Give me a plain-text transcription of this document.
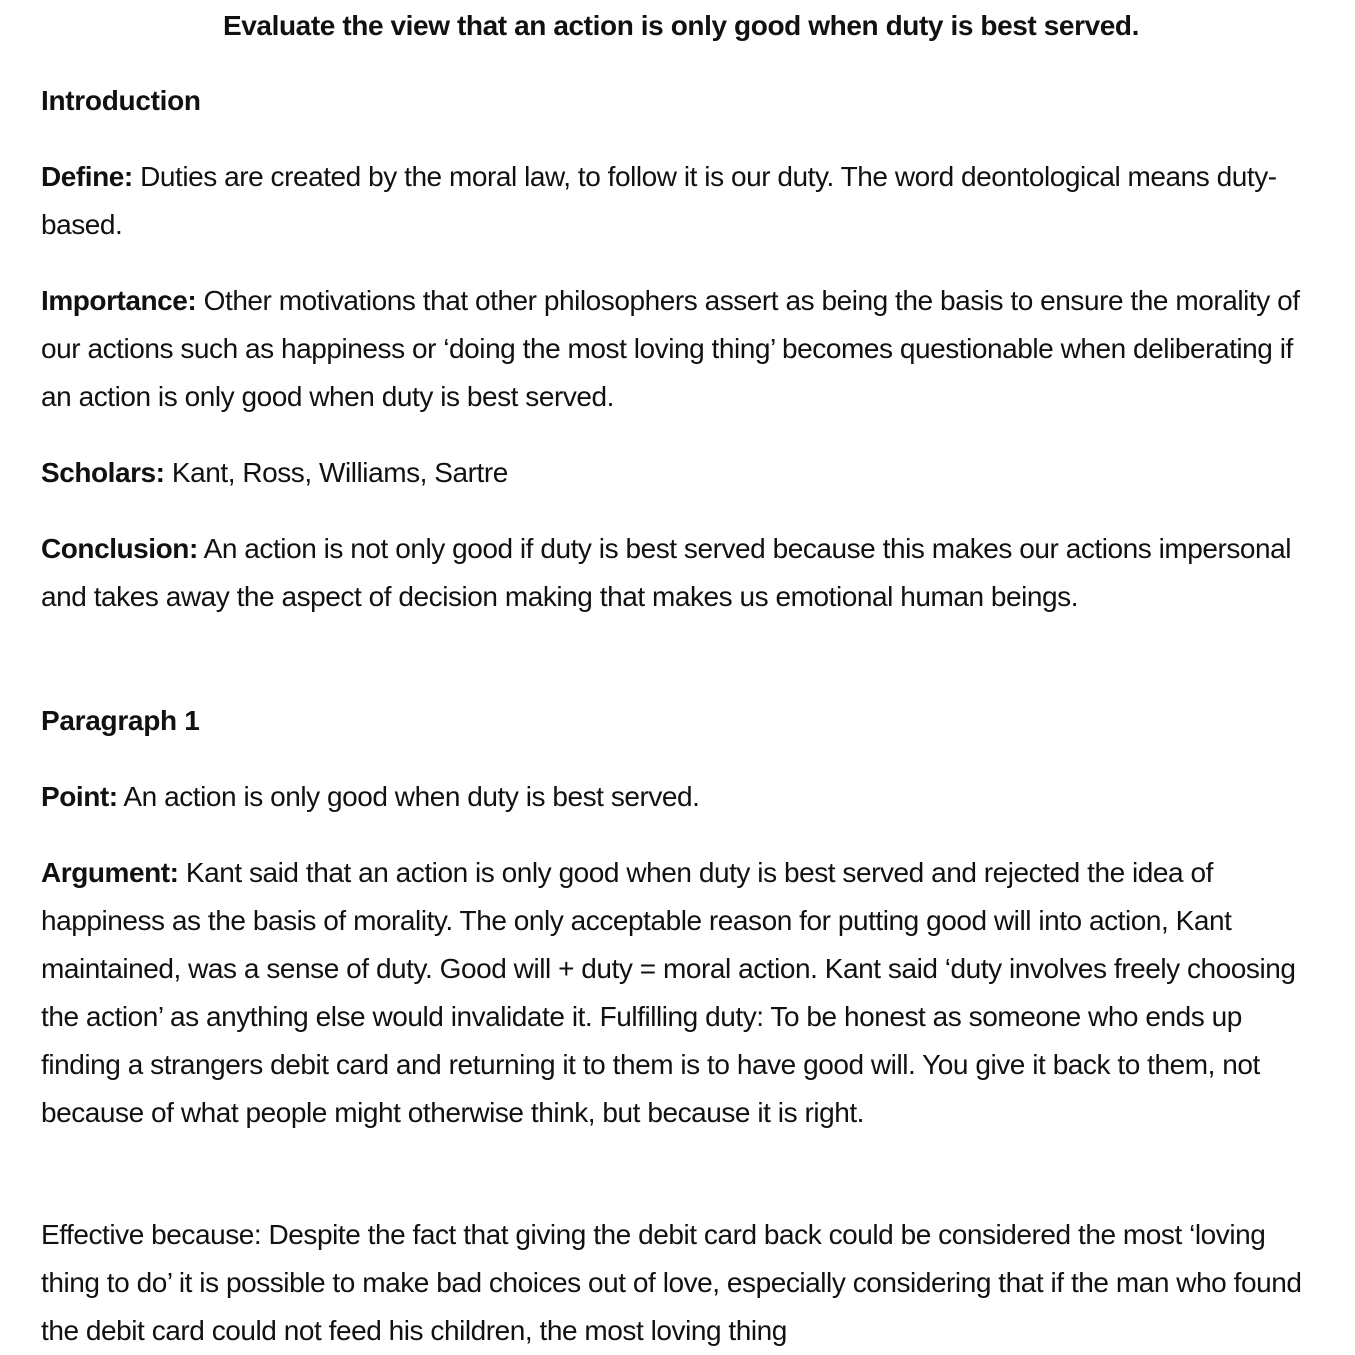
Evaluate the view that an action is only good when duty is best served.
Introduction

Define: Duties are created by the moral law, to follow it is our duty. The word deontological means duty-based.

Importance: Other motivations that other philosophers assert as being the basis to ensure the morality of our actions such as happiness or ‘doing the most loving thing’ becomes questionable when deliberating if an action is only good when duty is best served.

Scholars: Kant, Ross, Williams, Sartre

Conclusion: An action is not only good if duty is best served because this makes our actions impersonal and takes away the aspect of decision making that makes us emotional human beings.

Paragraph 1

Point: An action is only good when duty is best served.

Argument: Kant said that an action is only good when duty is best served and rejected the idea of happiness as the basis of morality. The only acceptable reason for putting good will into action, Kant maintained, was a sense of duty. Good will + duty = moral action. Kant said ‘duty involves freely choosing the action’ as anything else would invalidate it. Fulfilling duty: To be honest as someone who ends up finding a strangers debit card and returning it to them is to have good will. You give it back to them, not because of what people might otherwise think, but because it is right.

Effective because: Despite the fact that giving the debit card back could be considered the most ‘loving thing to do’ it is possible to make bad choices out of love, especially considering that if the man who found the debit card could not feed his children, the most loving thing
